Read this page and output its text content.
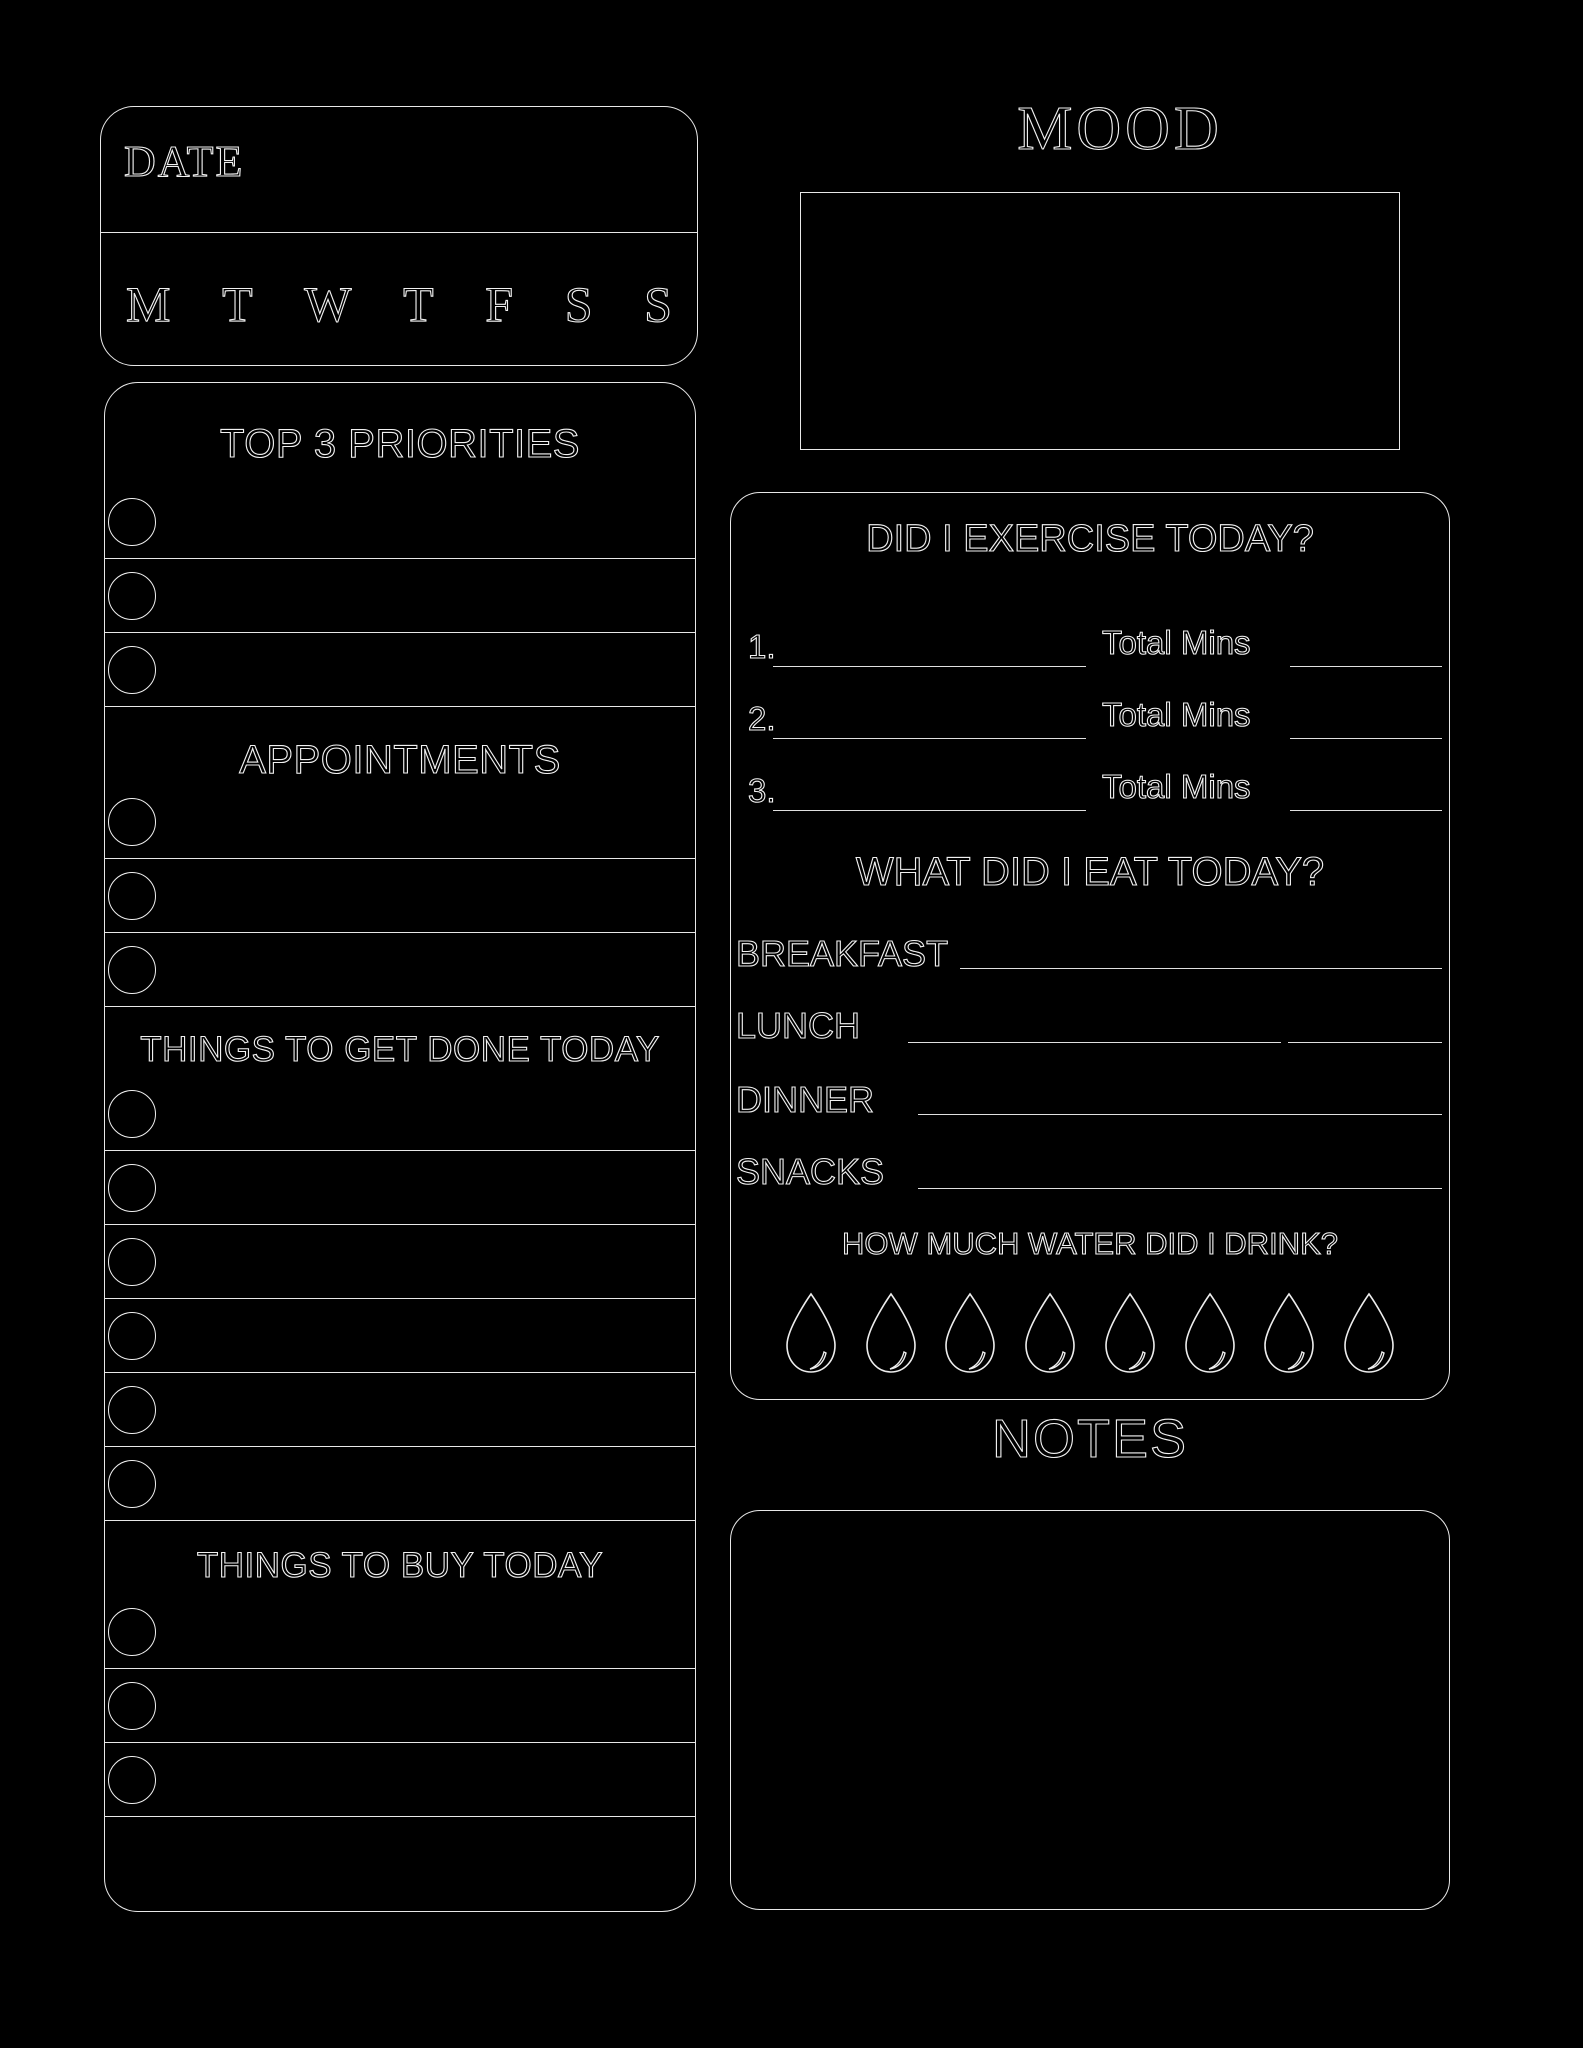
DATE
M T W T F S S
TOP 3 PRIORITIES
APPOINTMENTS
THINGS TO GET DONE TODAY
THINGS TO BUY TODAY
MOOD
DID I EXERCISE TODAY?
1.	Total Mins
2.	Total Mins
3.	Total Mins
WHAT DID I EAT TODAY?
BREAKFAST
LUNCH
DINNER
SNACKS
HOW MUCH WATER DID I DRINK?
NOTES
